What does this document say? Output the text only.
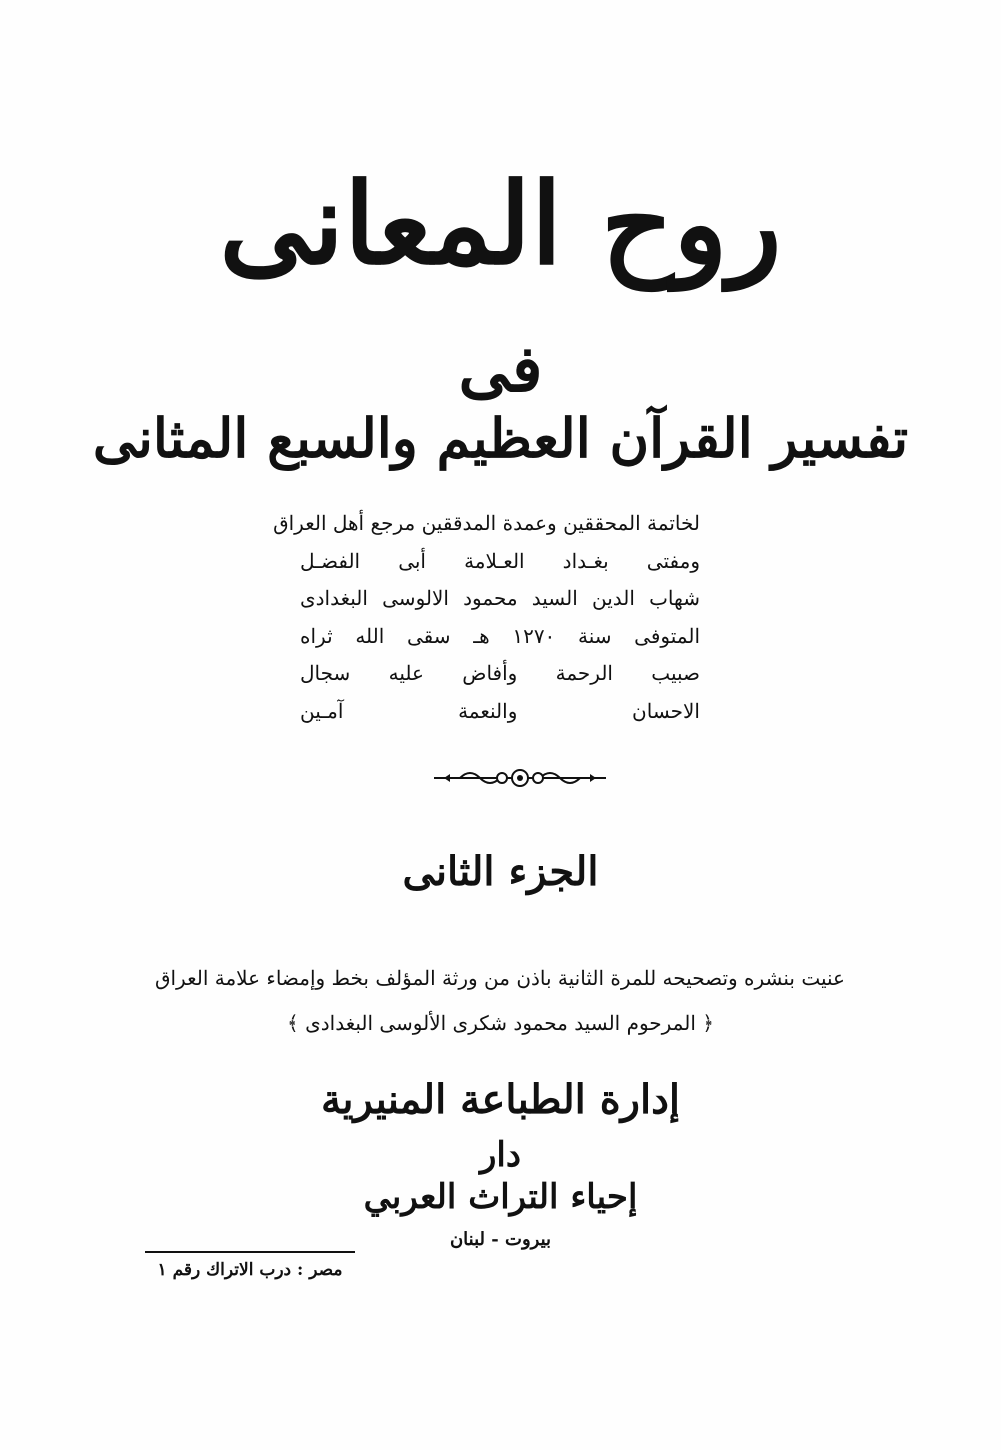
روح المعانى
فى
تفسير القرآن العظيم والسبع المثانى
لخاتمة المحققين وعمدة المدققين مرجع أهل العراق
ومفتى بغـداد العـلامة أبى الفضـل
شهاب الدين السيد محمود الالوسى البغدادى
المتوفى سنة ١٢٧٠ هـ سقى الله ثراه
صبيب الرحمة وأفاض عليه سجال
الاحسان والنعمة آمـين
الجزء الثانى
عنيت بنشره وتصحيحه للمرة الثانية باذن من ورثة المؤلف بخط وإمضاء علامة العراق
﴿ المرحوم السيد محمود شكرى الألوسى البغدادى ﴾
إدارة الطباعة المنيرية
دار
إحياء التراث العربي
بيروت - لبنان
مصر : درب الاتراك رقم ١
